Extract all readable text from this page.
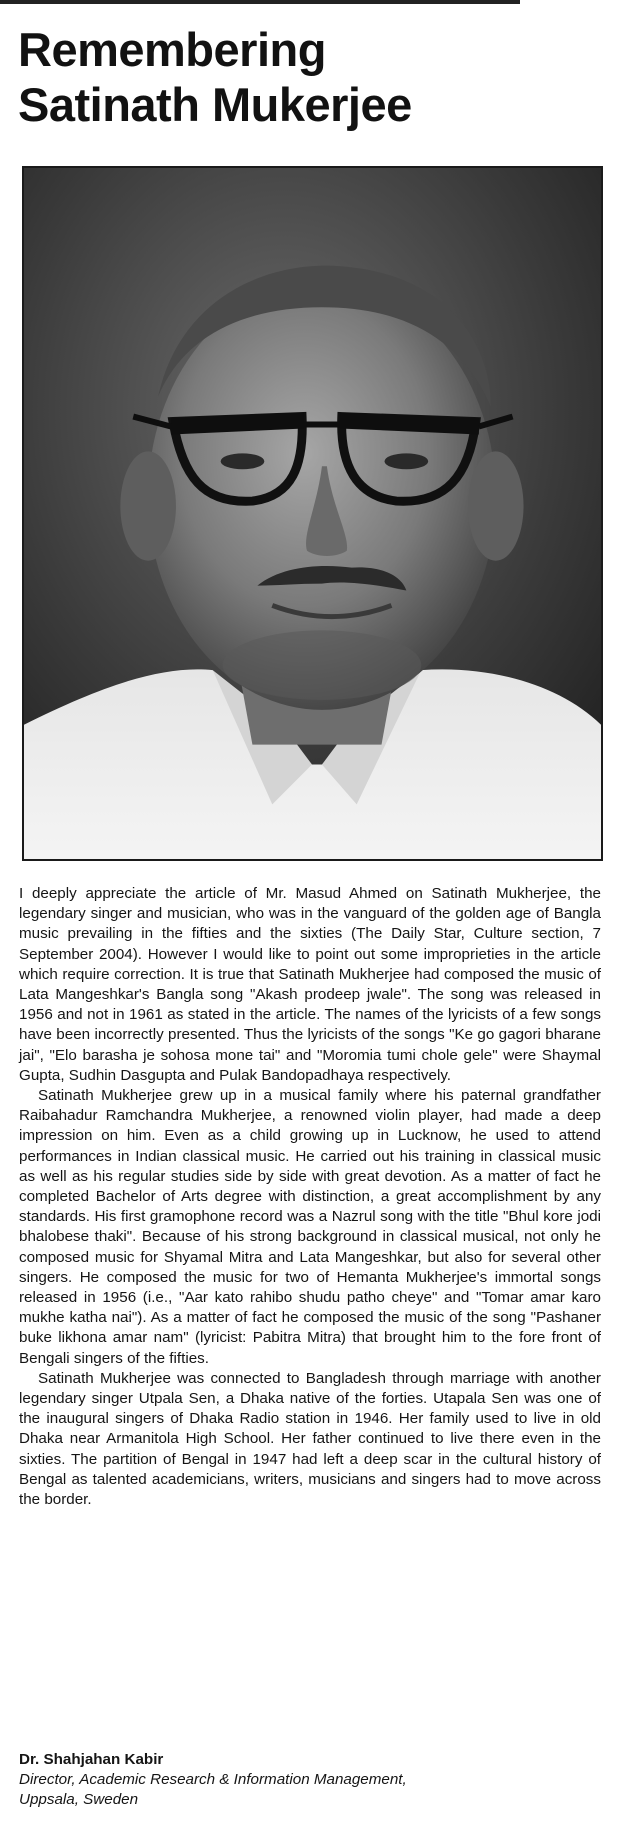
Remembering
Satinath Mukerjee

I deeply appreciate the article of Mr. Masud Ahmed on Satinath Mukherjee, the legendary singer and musician, who was in the vanguard of the golden age of Bangla music prevailing in the fifties and the sixties (The Daily Star, Culture section, 7 September 2004). However I would like to point out some improprieties in the article which require correction. It is true that Satinath Mukherjee had composed the music of Lata Mangeshkar's Bangla song "Akash prodeep jwale". The song was released in 1956 and not in 1961 as stated in the article. The names of the lyricists of a few songs have been incorrectly presented. Thus the lyricists of the songs "Ke go gagori bharane jai", "Elo barasha je sohosa mone tai" and "Moromia tumi chole gele" were Shaymal Gupta, Sudhin Dasgupta and Pulak Bandopadhaya respectively.

Satinath Mukherjee grew up in a musical family where his paternal grandfather Raibahadur Ramchandra Mukherjee, a renowned violin player, had made a deep impression on him. Even as a child growing up in Lucknow, he used to attend performances in Indian classical music. He carried out his training in classical music as well as his regular studies side by side with great devotion. As a matter of fact he completed Bachelor of Arts degree with distinction, a great accomplishment by any standards. His first gramophone record was a Nazrul song with the title "Bhul kore jodi bhalobese thaki". Because of his strong background in classical musical, not only he composed music for Shyamal Mitra and Lata Mangeshkar, but also for several other singers. He composed the music for two of Hemanta Mukherjee's immortal songs released in 1956 (i.e., "Aar kato rahibo shudu patho cheye" and "Tomar amar karo mukhe katha nai"). As a matter of fact he composed the music of the song "Pashaner buke likhona amar nam" (lyricist: Pabitra Mitra) that brought him to the fore front of Bengali singers of the fifties.

Satinath Mukherjee was connected to Bangladesh through marriage with another legendary singer Utpala Sen, a Dhaka native of the forties. Utapala Sen was one of the inaugural singers of Dhaka Radio station in 1946. Her family used to live in old Dhaka near Armanitola High School. Her father continued to live there even in the sixties. The partition of Bengal in 1947 had left a deep scar in the cultural history of Bengal as talented academicians, writers, musicians and singers had to move across the border.

Dr. Shahjahan Kabir
Director, Academic Research & Information Management,
Uppsala, Sweden
